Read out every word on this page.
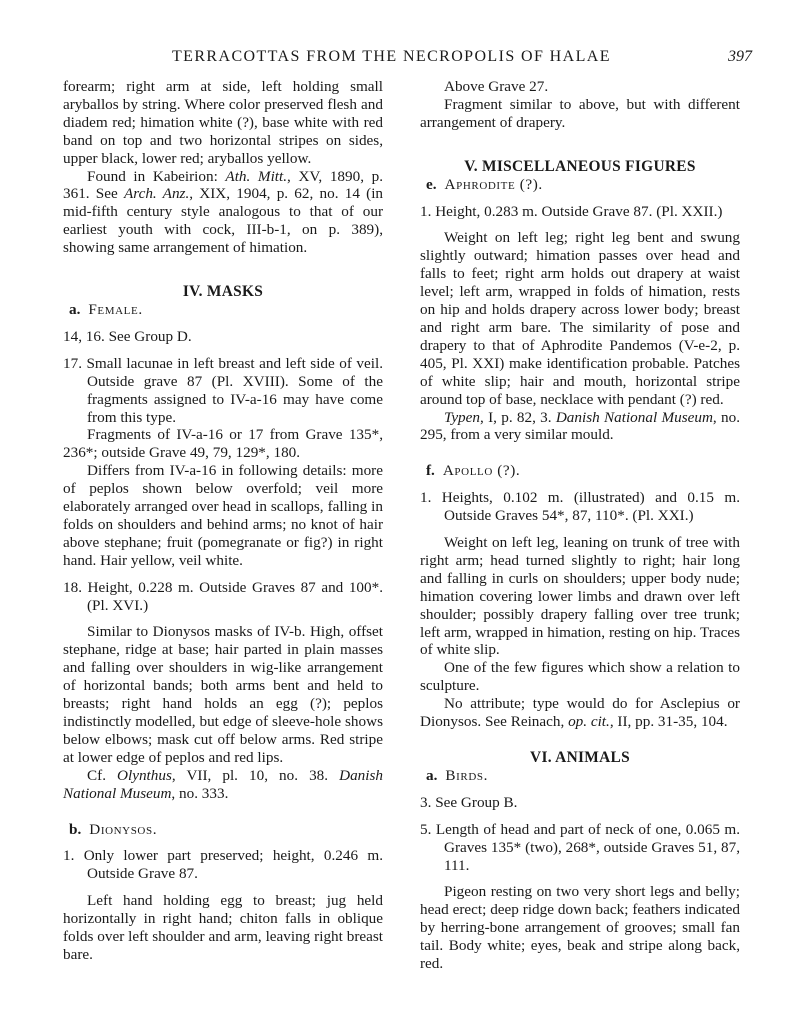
TERRACOTTAS FROM THE NECROPOLIS OF HALAE	397

forearm; right arm at side, left holding small aryballos by string. Where color preserved flesh and diadem red; himation white (?), base white with red band on top and two horizontal stripes on sides, upper black, lower red; aryballos yellow.

Found in Kabeirion: Ath. Mitt., XV, 1890, p. 361. See Arch. Anz., XIX, 1904, p. 62, no. 14 (in mid-fifth century style analogous to that of our earliest youth with cock, III-b-1, on p. 389), showing same arrangement of himation.

IV. MASKS

a. Female.

14, 16. See Group D.

17. Small lacunae in left breast and left side of veil. Outside grave 87 (Pl. XVIII). Some of the fragments assigned to IV-a-16 may have come from this type.

Fragments of IV-a-16 or 17 from Grave 135*, 236*; outside Grave 49, 79, 129*, 180.

Differs from IV-a-16 in following details: more of peplos shown below overfold; veil more elaborately arranged over head in scallops, falling in folds on shoulders and behind arms; no knot of hair above stephane; fruit (pomegranate or fig?) in right hand. Hair yellow, veil white.

18. Height, 0.228 m. Outside Graves 87 and 100*. (Pl. XVI.)

Similar to Dionysos masks of IV-b. High, offset stephane, ridge at base; hair parted in plain masses and falling over shoulders in wig-like arrangement of horizontal bands; both arms bent and held to breasts; right hand holds an egg (?); peplos indistinctly modelled, but edge of sleeve-hole shows below elbows; mask cut off below arms. Red stripe at lower edge of peplos and red lips.

Cf. Olynthus, VII, pl. 10, no. 38. Danish National Museum, no. 333.

b. Dionysos.

1. Only lower part preserved; height, 0.246 m. Outside Grave 87.

Left hand holding egg to breast; jug held horizontally in right hand; chiton falls in oblique folds over left shoulder and arm, leaving right breast bare.

Above Grave 27.

Fragment similar to above, but with different arrangement of drapery.

V. MISCELLANEOUS FIGURES

e. Aphrodite (?).

1. Height, 0.283 m. Outside Grave 87. (Pl. XXII.)

Weight on left leg; right leg bent and swung slightly outward; himation passes over head and falls to feet; right arm holds out drapery at waist level; left arm, wrapped in folds of himation, rests on hip and holds drapery across lower body; breast and right arm bare. The similarity of pose and drapery to that of Aphrodite Pandemos (V-e-2, p. 405, Pl. XXI) make identification probable. Patches of white slip; hair and mouth, horizontal stripe around top of base, necklace with pendant (?) red.

Typen, I, p. 82, 3. Danish National Museum, no. 295, from a very similar mould.

f. Apollo (?).

1. Heights, 0.102 m. (illustrated) and 0.15 m. Outside Graves 54*, 87, 110*. (Pl. XXI.)

Weight on left leg, leaning on trunk of tree with right arm; head turned slightly to right; hair long and falling in curls on shoulders; upper body nude; himation covering lower limbs and drawn over left shoulder; possibly drapery falling over tree trunk; left arm, wrapped in himation, resting on hip. Traces of white slip.

One of the few figures which show a relation to sculpture.

No attribute; type would do for Asclepius or Dionysos. See Reinach, op. cit., II, pp. 31-35, 104.

VI. ANIMALS

a. Birds.

3. See Group B.

5. Length of head and part of neck of one, 0.065 m. Graves 135* (two), 268*, outside Graves 51, 87, 111.

Pigeon resting on two very short legs and belly; head erect; deep ridge down back; feathers indicated by herring-bone arrangement of grooves; small fan tail. Body white; eyes, beak and stripe along back, red.
